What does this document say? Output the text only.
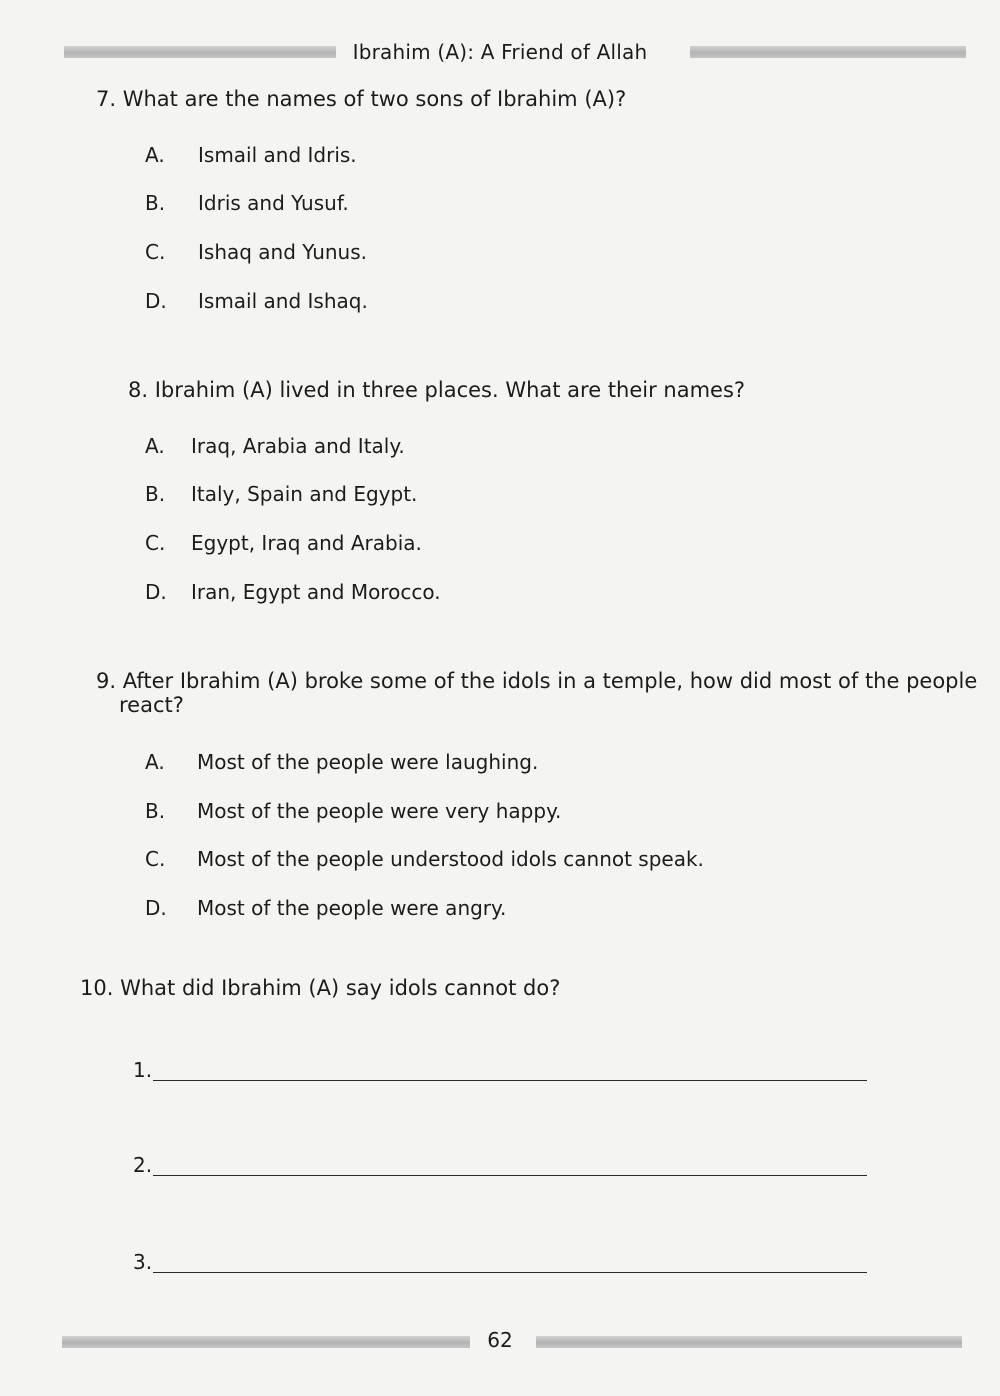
Ibrahim (A): A Friend of Allah
7. What are the names of two sons of Ibrahim (A)?
A. Ismail and Idris.
B. Idris and Yusuf.
C. Ishaq and Yunus.
D. Ismail and Ishaq.
8. Ibrahim (A) lived in three places. What are their names?
A. Iraq, Arabia and Italy.
B. Italy, Spain and Egypt.
C. Egypt, Iraq and Arabia.
D. Iran, Egypt and Morocco.
9. After Ibrahim (A) broke some of the idols in a temple, how did most of the people
react?
A. Most of the people were laughing.
B. Most of the people were very happy.
C. Most of the people understood idols cannot speak.
D. Most of the people were angry.
10. What did Ibrahim (A) say idols cannot do?
1.
2.
3.
62
